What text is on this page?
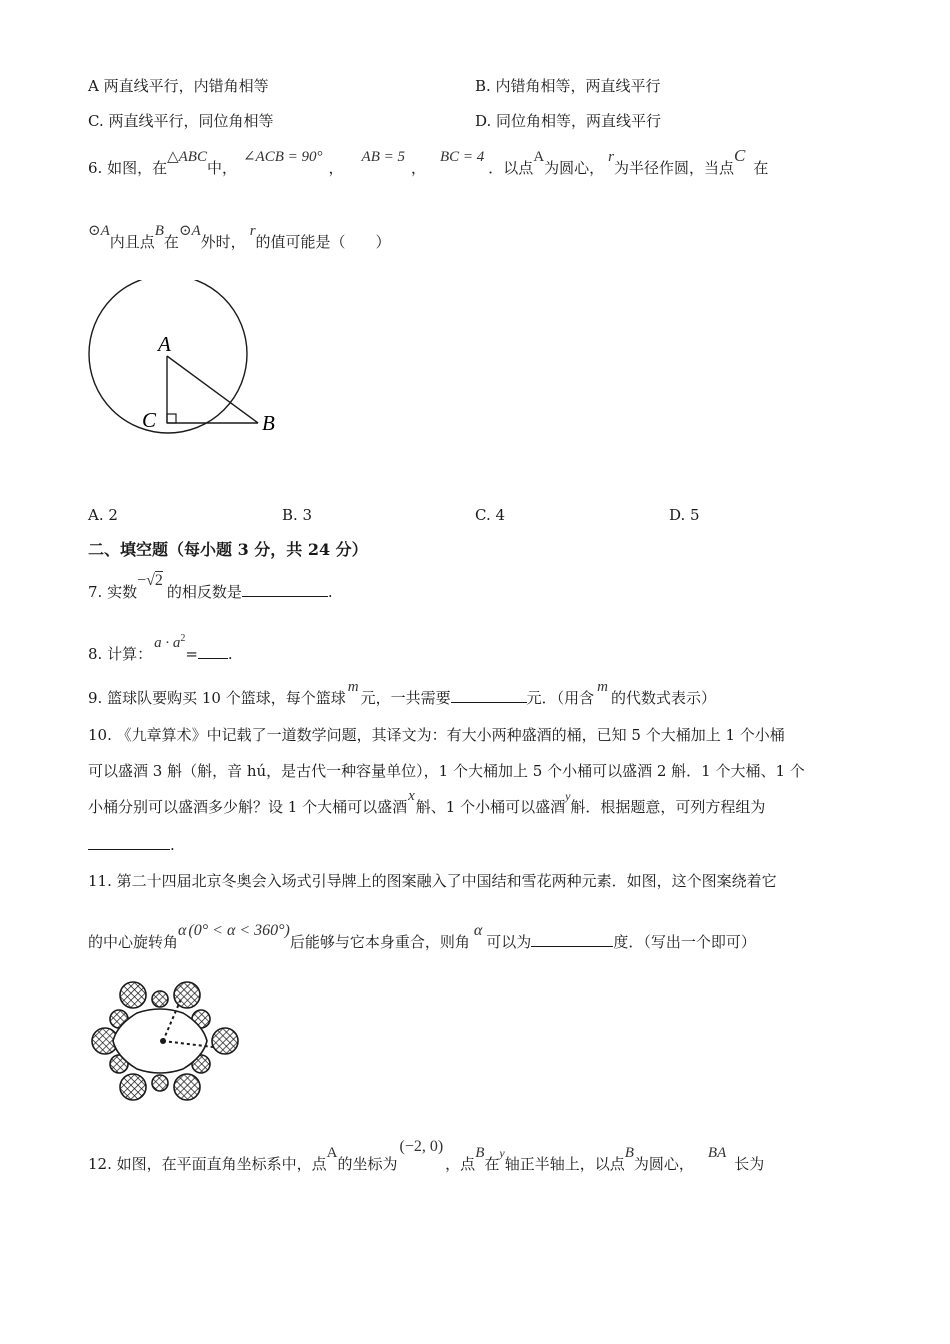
A 两直线平行，内错角相等	B. 内错角相等，两直线平行
C. 两直线平行，同位角相等	D. 同位角相等，两直线平行
6. 如图，在△ABC中，∠ACB = 90°，AB = 5，BC = 4．以点A为圆心，r为半径作圆，当点C在
⊙A内且点B在⊙A外时，r的值可能是（　　）
A
C	B
A. 2	B. 3	C. 4	D. 5
二、填空题（每小题 3 分，共 24 分）
7. 实数−√2的相反数是	.
8. 计算：$a \cdot a^2=$ .
9. 篮球队要购买 10 个篮球，每个篮球m元，一共需要	元．（用含m的代数式表示）
10. 《九章算术》中记载了一道数学问题，其译文为：有大小两种盛酒的桶，已知 5 个大桶加上 1 个小桶
可以盛酒 3 斛（斛，音 hú，是古代一种容量单位），1 个大桶加上 5 个小桶可以盛酒 2 斛．1 个大桶、1 个
小桶分别可以盛酒多少斛？设 1 个大桶可以盛酒x斛、1 个小桶可以盛酒$^y$斛．根据题意，可列方程组为
.
11. 第二十四届北京冬奥会入场式引导牌上的图案融入了中国结和雪花两种元素．如图，这个图案绕着它
的中心旋转角α (0° < α < 360°)后能够与它本身重合，则角α可以为	度．（写出一个即可）
12. 如图，在平面直角坐标系中，点A的坐标为(−2, 0)，点B在$^y$轴正半轴上，以点B为圆心，BA长为
